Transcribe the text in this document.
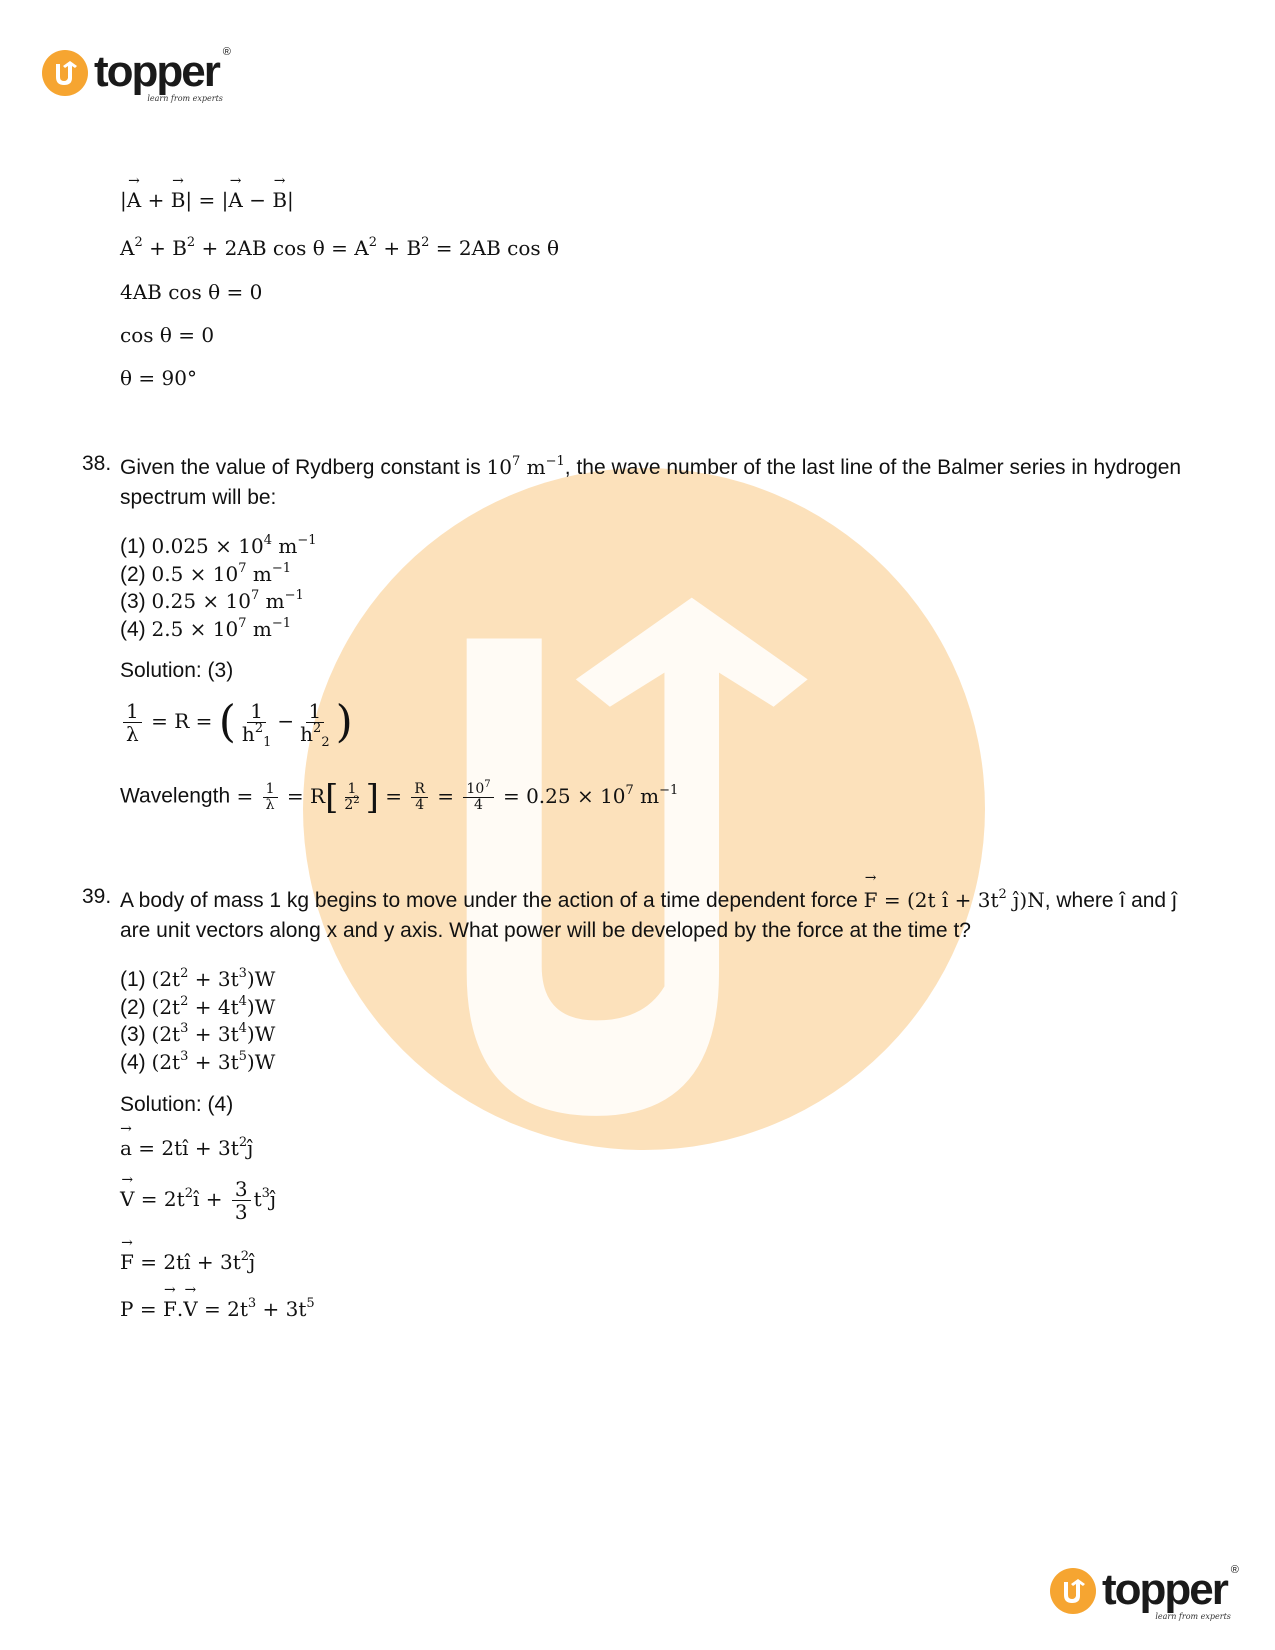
topper ®
learn from experts
|→ A + → B| = |→ A − → B|
$A^2 + B^2 + 2AB$ $\cos \theta = A^2 + B^2 = 2AB$ cos θ
4AB cos θ = 0
cos θ = 0
θ = 90°
38. Given the value of Rydberg constant is $10^7$ $m^{-1}$, the wave number of the last line of the Balmer series in hydrogen spectrum will be:
(1) $0.025 \times 10^4$ $m^{-1}$
(2) $0.5 \times 10^7$ $m^{-1}$
(3) $0.25 \times 10^7$ $m^{-1}$
(4) $2.5 \times 10^7$ $m^{-1}$
Solution: (3)
$\frac{1}{\lambda} = R$ = ( $\frac{1}{h^2_1} - \frac{1}{h^2_2}$ )
Wavelength = $\frac{1}{\lambda} = R[ \frac{1}{2^2}$ ] = $\frac{R}{4} = \frac{10^7}{4} = 0.25 \times 10^7$ $m^{-1}$
39. A body of mass 1 kg begins to move under the action of a time dependent force → F = (2t î + $3t^2$ ĵ)N, where î and ĵ are unit vectors along x and y axis. What power will be developed by the force at the time t?
(1) $(2t^2 + 3t^3)W$
(2) $(2t^2 + 4t^4)W$
(3) $(2t^3 + 3t^4)W$
(4) $(2t^3 + 3t^5)W$
Solution: (4)
→ a = 2tî + $3t^2ĵ$
→ $V = 2t^2î + \frac{3}{3}$ $t^3ĵ$
→ F = 2tî + $3t^2ĵ$
P = → $F.\to V = 2t^3 + 3t^5$
topper ®
learn from experts
